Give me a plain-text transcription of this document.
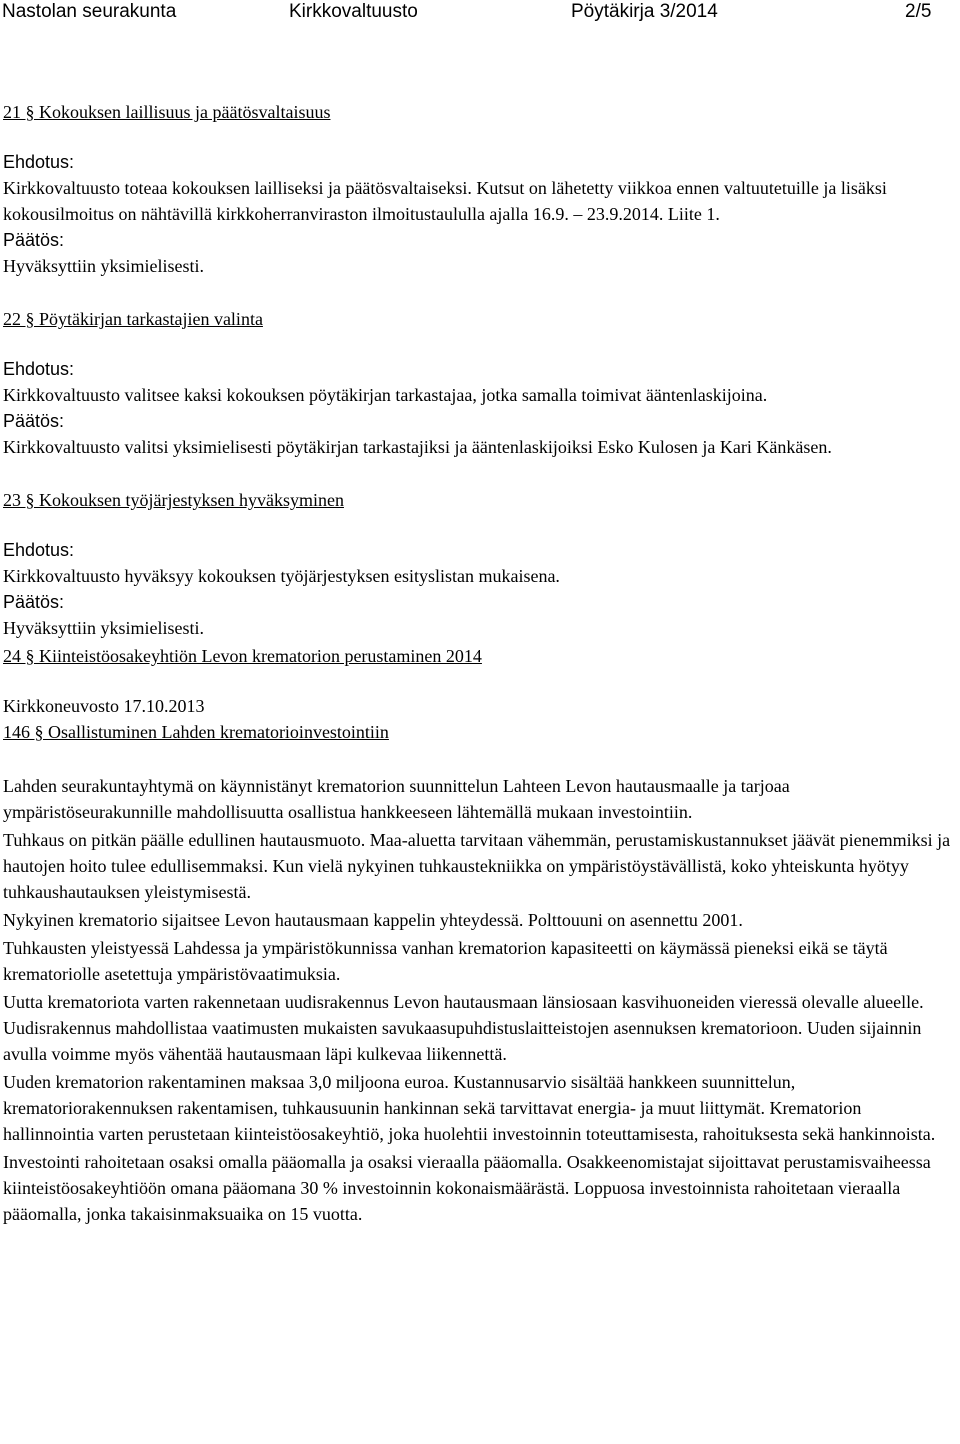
Nastolan seurakunta	Kirkkovaltuusto	Pöytäkirja 3/2014	2/5

21 § Kokouksen laillisuus ja päätösvaltaisuus

Ehdotus:

Kirkkovaltuusto toteaa kokouksen lailliseksi ja päätösvaltaiseksi. Kutsut on lähetetty viikkoa ennen valtuutetuille ja lisäksi kokousilmoitus on nähtävillä kirkkoherranviraston ilmoitustaululla ajalla 16.9. – 23.9.2014. Liite 1.

Päätös:

Hyväksyttiin yksimielisesti.

22 § Pöytäkirjan tarkastajien valinta

Ehdotus:

Kirkkovaltuusto valitsee kaksi kokouksen pöytäkirjan tarkastajaa, jotka samalla toimivat ääntenlaskijoina.

Päätös:

Kirkkovaltuusto valitsi yksimielisesti pöytäkirjan tarkastajiksi ja ääntenlaskijoiksi Esko Kulosen ja Kari Känkäsen.

23 § Kokouksen työjärjestyksen hyväksyminen

Ehdotus:

Kirkkovaltuusto hyväksyy kokouksen työjärjestyksen esityslistan mukaisena.

Päätös:

Hyväksyttiin yksimielisesti.

24 § Kiinteistöosakeyhtiön Levon krematorion perustaminen 2014

Kirkkoneuvosto 17.10.2013

146 § Osallistuminen Lahden krematorioinvestointiin

Lahden seurakuntayhtymä on käynnistänyt krematorion suunnittelun Lahteen Levon hautausmaalle ja tarjoaa ympäristöseurakunnille mahdollisuutta osallistua hankkeeseen lähtemällä mukaan investointiin.

Tuhkaus on pitkän päälle edullinen hautausmuoto. Maa-aluetta tarvitaan vähemmän, perustamiskustannukset jäävät pienemmiksi ja hautojen hoito tulee edullisemmaksi. Kun vielä nykyinen tuhkaustekniikka on ympäristöystävällistä, koko yhteiskunta hyötyy tuhkaushautauksen yleistymisestä.

Nykyinen krematorio sijaitsee Levon hautausmaan kappelin yhteydessä. Polttouuni on asennettu 2001.

Tuhkausten yleistyessä Lahdessa ja ympäristökunnissa vanhan krematorion kapasiteetti on käymässä pieneksi eikä se täytä krematoriolle asetettuja ympäristövaatimuksia.

Uutta krematoriota varten rakennetaan uudisrakennus Levon hautausmaan länsiosaan kasvihuoneiden vieressä olevalle alueelle. Uudisrakennus mahdollistaa vaatimusten mukaisten savukaasupuhdistuslaitteistojen asennuksen krematorioon. Uuden sijainnin avulla voimme myös vähentää hautausmaan läpi kulkevaa liikennettä.

Uuden krematorion rakentaminen maksaa 3,0 miljoona euroa. Kustannusarvio sisältää hankkeen suunnittelun, krematoriorakennuksen rakentamisen, tuhkausuunin hankinnan sekä tarvittavat energia- ja muut liittymät. Krematorion hallinnointia varten perustetaan kiinteistöosakeyhtiö, joka huolehtii investoinnin toteuttamisesta, rahoituksesta sekä hankinnoista.

Investointi rahoitetaan osaksi omalla pääomalla ja osaksi vieraalla pääomalla. Osakkeenomistajat sijoittavat perustamisvaiheessa kiinteistöosakeyhtiöön omana pääomana 30 % investoinnin kokonaismäärästä. Loppuosa investoinnista rahoitetaan vieraalla pääomalla, jonka takaisinmaksuaika on 15 vuotta.
